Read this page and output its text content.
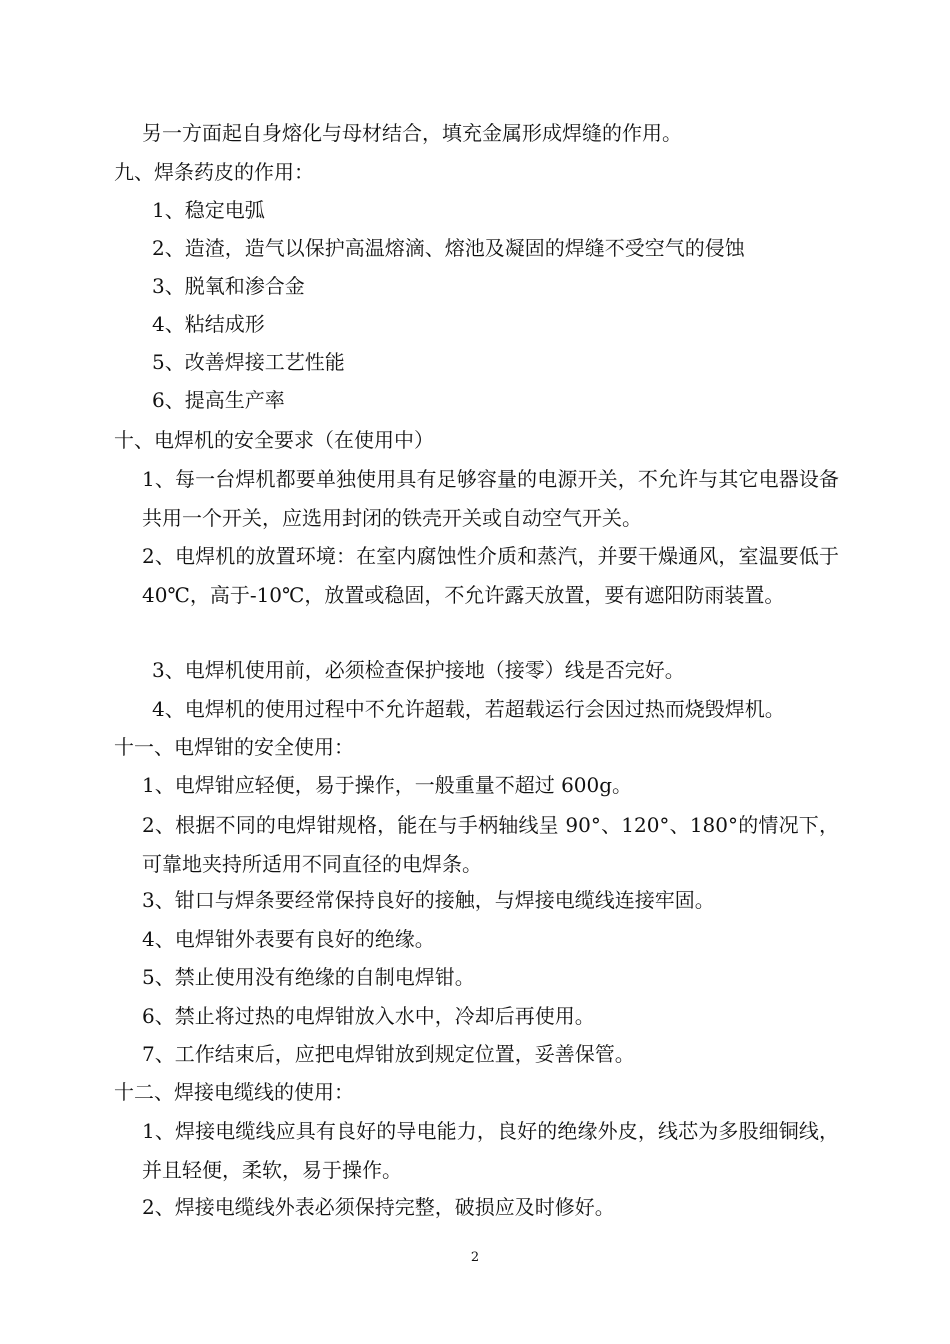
另一方面起自身熔化与母材结合，填充金属形成焊缝的作用。
九、焊条药皮的作用：
1、稳定电弧
2、造渣，造气以保护高温熔滴、熔池及凝固的焊缝不受空气的侵蚀
3、脱氧和渗合金
4、粘结成形
5、改善焊接工艺性能
6、提高生产率
十、电焊机的安全要求（在使用中）
1、每一台焊机都要单独使用具有足够容量的电源开关，不允许与其它电器设备共用一个开关，应选用封闭的铁壳开关或自动空气开关。
2、电焊机的放置环境：在室内腐蚀性介质和蒸汽，并要干燥通风，室温要低于 40℃，高于-10℃，放置或稳固，不允许露天放置，要有遮阳防雨装置。
3、电焊机使用前，必须检查保护接地（接零）线是否完好。
4、电焊机的使用过程中不允许超载，若超载运行会因过热而烧毁焊机。
十一、电焊钳的安全使用：
1、电焊钳应轻便，易于操作，一般重量不超过 600g。
2、根据不同的电焊钳规格，能在与手柄轴线呈 90°、120°、180°的情况下，可靠地夹持所适用不同直径的电焊条。
3、钳口与焊条要经常保持良好的接触，与焊接电缆线连接牢固。
4、电焊钳外表要有良好的绝缘。
5、禁止使用没有绝缘的自制电焊钳。
6、禁止将过热的电焊钳放入水中，冷却后再使用。
7、工作结束后，应把电焊钳放到规定位置，妥善保管。
十二、焊接电缆线的使用：
1、焊接电缆线应具有良好的导电能力，良好的绝缘外皮，线芯为多股细铜线，并且轻便，柔软，易于操作。
2、焊接电缆线外表必须保持完整，破损应及时修好。
2
